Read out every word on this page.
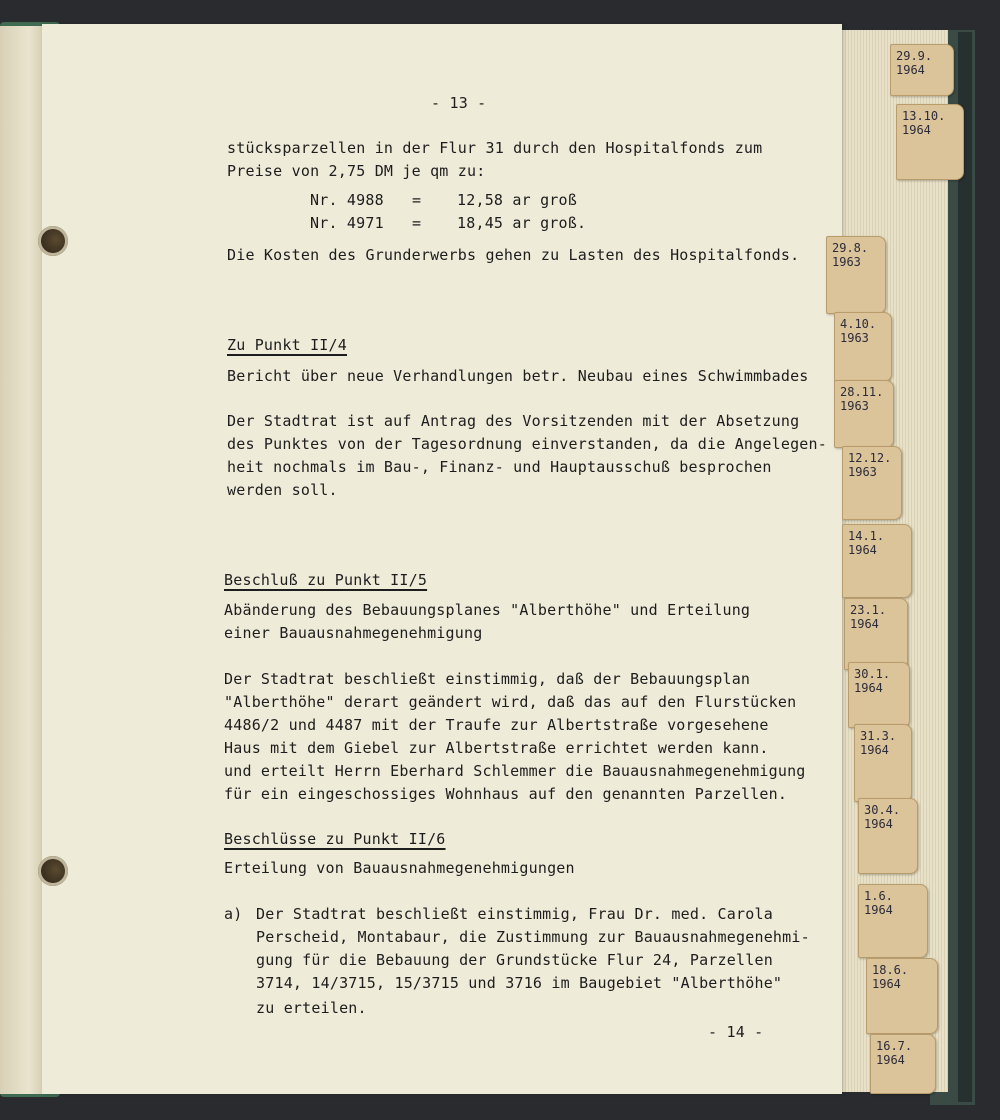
- 13 -
stücksparzellen in der Flur 31 durch den Hospitalfonds zum
Preise von 2,75 DM je qm zu:
Nr. 4988 = 12,58 ar groß
Nr. 4971 = 18,45 ar groß.
Die Kosten des Grunderwerbs gehen zu Lasten des Hospitalfonds.
Zu Punkt II/4
Bericht über neue Verhandlungen betr. Neubau eines Schwimmbades
Der Stadtrat ist auf Antrag des Vorsitzenden mit der Absetzung
des Punktes von der Tagesordnung einverstanden, da die Angelegen-
heit nochmals im Bau-, Finanz- und Hauptausschuß besprochen
werden soll.
Beschluß zu Punkt II/5
Abänderung des Bebauungsplanes "Alberthöhe" und Erteilung
einer Bauausnahmegenehmigung
Der Stadtrat beschließt einstimmig, daß der Bebauungsplan
"Alberthöhe" derart geändert wird, daß das auf den Flurstücken
4486/2 und 4487 mit der Traufe zur Albertstraße vorgesehene
Haus mit dem Giebel zur Albertstraße errichtet werden kann.
und erteilt Herrn Eberhard Schlemmer die Bauausnahmegenehmigung
für ein eingeschossiges Wohnhaus auf den genannten Parzellen.
Beschlüsse zu Punkt II/6
Erteilung von Bauausnahmegenehmigungen
a) Der Stadtrat beschließt einstimmig, Frau Dr. med. Carola
Perscheid, Montabaur, die Zustimmung zur Bauausnahmegenehmi-
gung für die Bebauung der Grundstücke Flur 24, Parzellen
3714, 14/3715, 15/3715 und 3716 im Baugebiet "Alberthöhe"
zu erteilen.
- 14 -
29.9.
1964
13.10.
1964
29.8.
1963
4.10.
1963
28.11.
1963
12.12.
1963
14.1.
1964
23.1.
1964
30.1.
1964
31.3.
1964
30.4.
1964
1.6.
1964
18.6.
1964
16.7.
1964
